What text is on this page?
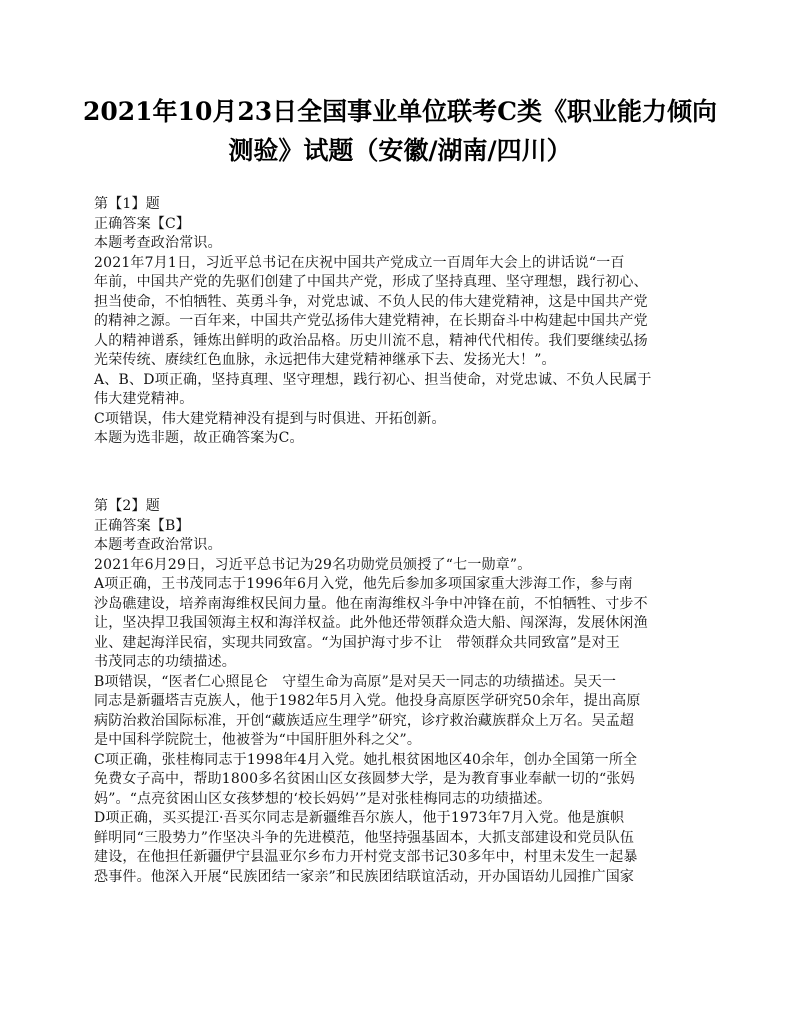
2021年10月23日全国事业单位联考C类《职业能力倾向
测验》试题（安徽/湖南/四川）
第【1】题
正确答案【C】
本题考查政治常识。
2021年7月1日，习近平总书记在庆祝中国共产党成立一百周年大会上的讲话说“一百
年前，中国共产党的先驱们创建了中国共产党，形成了坚持真理、坚守理想，践行初心、
担当使命，不怕牺牲、英勇斗争，对党忠诚、不负人民的伟大建党精神，这是中国共产党
的精神之源。一百年来，中国共产党弘扬伟大建党精神，在长期奋斗中构建起中国共产党
人的精神谱系，锤炼出鲜明的政治品格。历史川流不息，精神代代相传。我们要继续弘扬
光荣传统、赓续红色血脉，永远把伟大建党精神继承下去、发扬光大！”。
A、B、D项正确，坚持真理、坚守理想，践行初心、担当使命，对党忠诚、不负人民属于
伟大建党精神。
C项错误，伟大建党精神没有提到与时俱进、开拓创新。
本题为选非题，故正确答案为C。
第【2】题
正确答案【B】
本题考查政治常识。
2021年6月29日，习近平总书记为29名功勋党员颁授了“七一勋章”。
A项正确，王书茂同志于1996年6月入党，他先后参加多项国家重大涉海工作，参与南
沙岛礁建设，培养南海维权民间力量。他在南海维权斗争中冲锋在前，不怕牺牲、寸步不
让，坚决捍卫我国领海主权和海洋权益。此外他还带领群众造大船、闯深海，发展休闲渔
业、建起海洋民宿，实现共同致富。“为国护海寸步不让　带领群众共同致富”是对王
书茂同志的功绩描述。
B项错误，“医者仁心照昆仑　守望生命为高原”是对吴天一同志的功绩描述。吴天一
同志是新疆塔吉克族人，他于1982年5月入党。他投身高原医学研究50余年，提出高原
病防治救治国际标准，开创“藏族适应生理学”研究，诊疗救治藏族群众上万名。吴孟超
是中国科学院院士，他被誉为“中国肝胆外科之父”。
C项正确，张桂梅同志于1998年4月入党。她扎根贫困地区40余年，创办全国第一所全
免费女子高中，帮助1800多名贫困山区女孩圆梦大学，是为教育事业奉献一切的“张妈
妈”。“点亮贫困山区女孩梦想的‘校长妈妈’”是对张桂梅同志的功绩描述。
D项正确，买买提江·吾买尔同志是新疆维吾尔族人，他于1973年7月入党。他是旗帜
鲜明同“三股势力”作坚决斗争的先进模范，他坚持强基固本，大抓支部建设和党员队伍
建设，在他担任新疆伊宁县温亚尔乡布力开村党支部书记30多年中，村里未发生一起暴
恐事件。他深入开展“民族团结一家亲”和民族团结联谊活动，开办国语幼儿园推广国家
